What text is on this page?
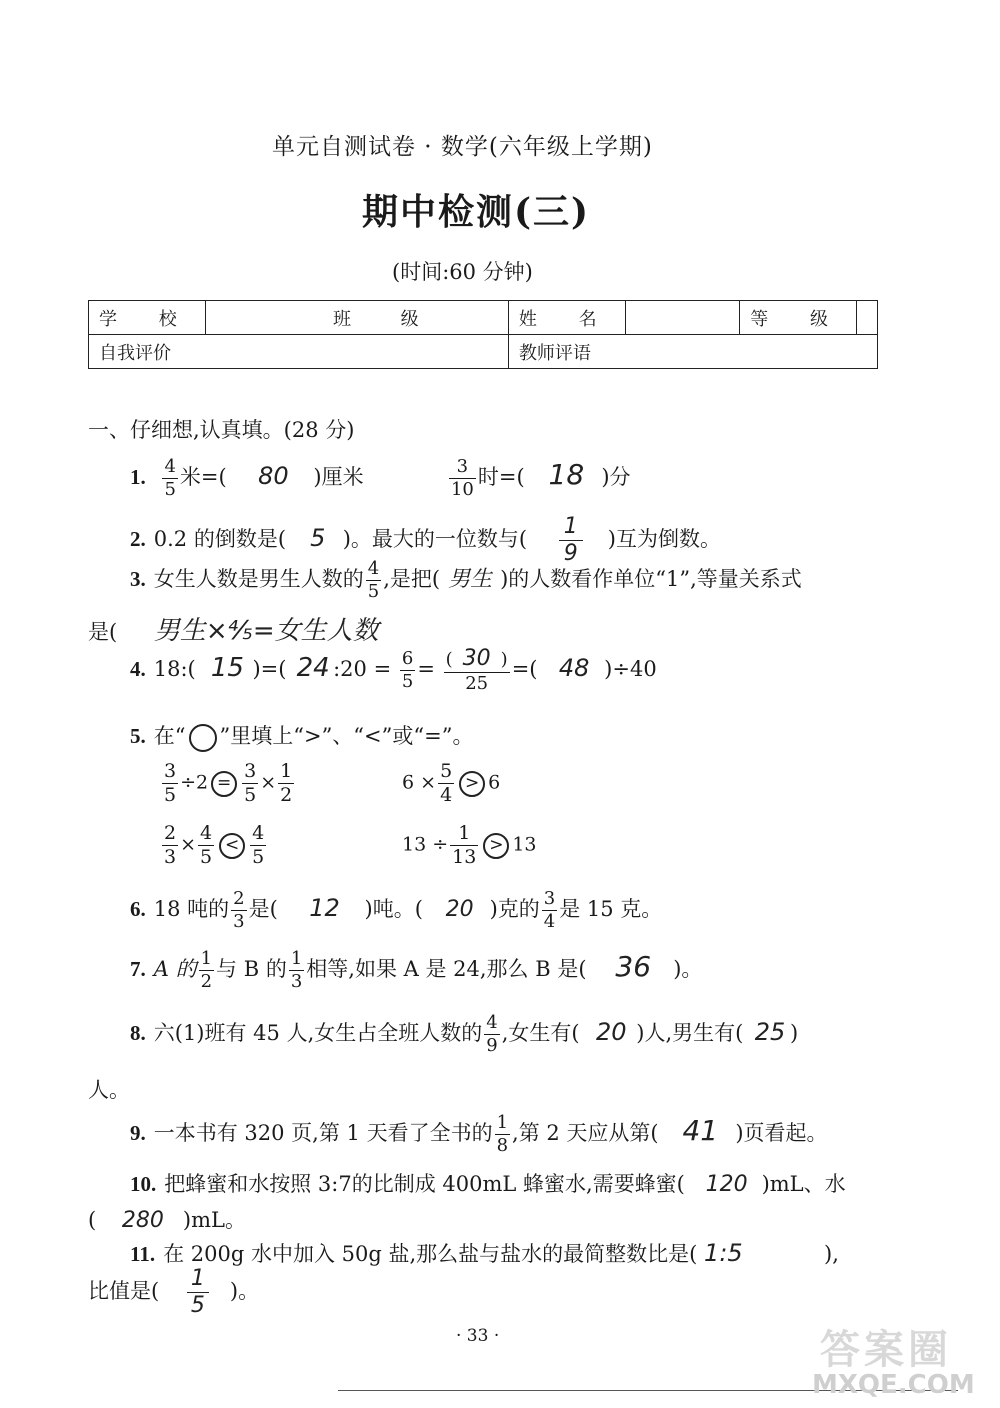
单元自测试卷 · 数学(六年级上学期)
期中检测(三)
(时间:60 分钟)
学 校	班 级	姓 名		等 级	
自我评价		教师评语			
一、仔细想,认真填。(28 分)
1. $\frac{4}{5}$ 米=( 80 )厘米	$\frac{3}{10}$ 时=( 18 )分
2. 0.2 的倒数是( 5 )。最大的一位数与( $\frac{1}{9}$ )互为倒数。
3. 女生人数是男生人数的 $\frac{4}{5}$ ,是把( 男生 )的人数看作单位“1”,等量关系式
是( 男生×⅘=女生人数
4. 18:( 15 )=( 24 :20 = $\frac{6}{5} = \frac{( 30 )}{25}$ =( 48 )÷40
5. 在“ ”里填上“>”、“<”或“=”。
$\frac{3}{5} \div 2 = \frac{3}{5} \times \frac{1}{2}$	$6 \times \frac{5}{4} > 6$
$\frac{2}{3} \times \frac{4}{5} < \frac{4}{5}$	$13 \div \frac{1}{13} > 13$
6. 18 吨的 $\frac{2}{3}$ 是( 12 )吨。( 20 )克的 $\frac{3}{4}$ 是 15 克。
7. A 的 $\frac{1}{2}$ 与 B 的 $\frac{1}{3}$ 相等,如果 A 是 24,那么 B 是( 36 )。
8. 六(1)班有 45 人,女生占全班人数的 $\frac{4}{9}$ ,女生有( 20 )人,男生有( 25 )
人。
9. 一本书有 320 页,第 1 天看了全书的 $\frac{1}{8}$ ,第 2 天应从第( 41 )页看起。
10. 把蜂蜜和水按照 3:7的比制成 400mL 蜂蜜水,需要蜂蜜( 120 )mL、水
( 280 )mL。
11. 在 200g 水中加入 50g 盐,那么盐与盐水的最简整数比是( 1:5	),
比值是( $\frac{1}{5}$ )。
· 33 ·	答案圈
MXQE.COM
